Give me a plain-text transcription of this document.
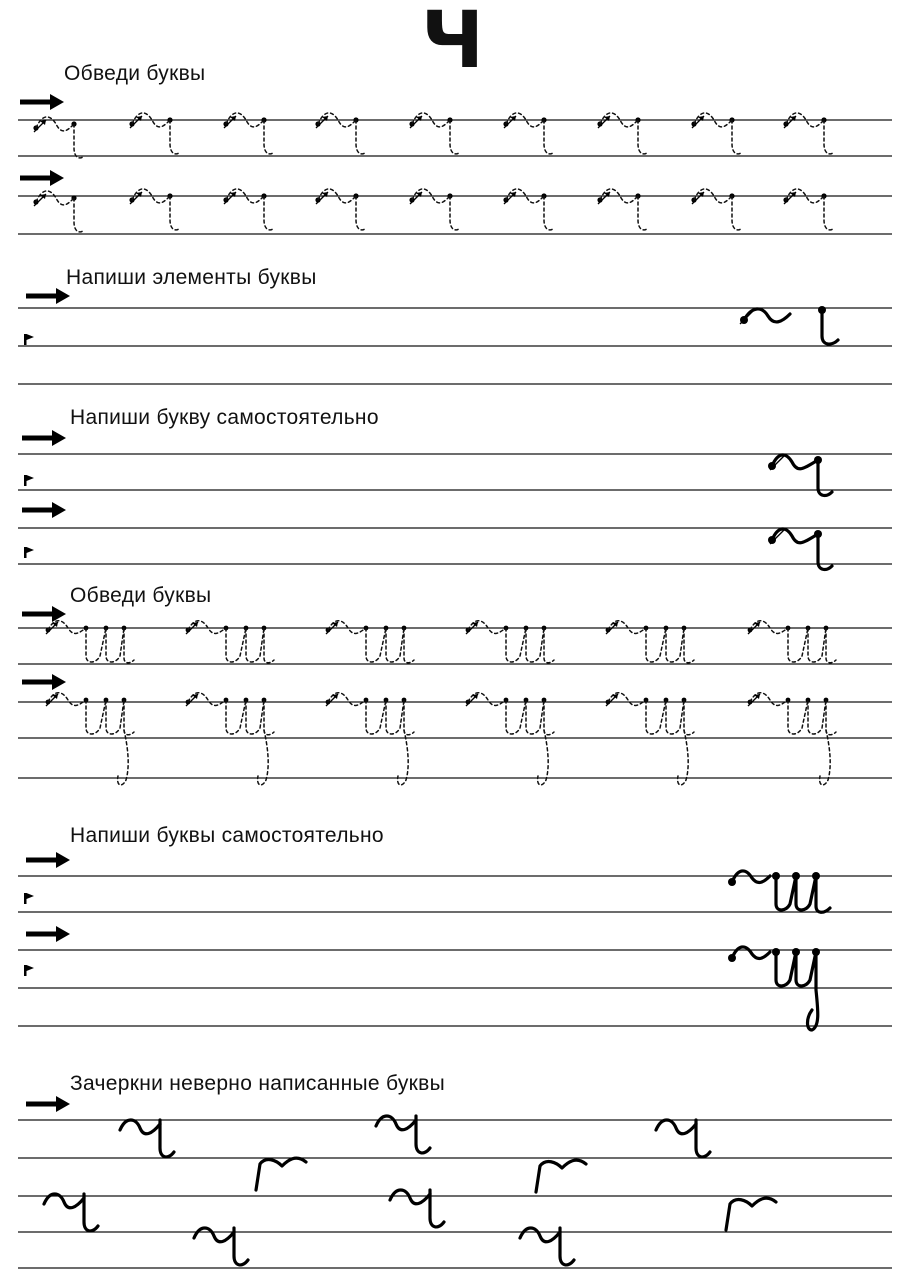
Ч
Обведи буквы
Напиши элементы буквы
Напиши букву самостоятельно
Обведи буквы
Напиши буквы самостоятельно
Зачеркни неверно написанные буквы
